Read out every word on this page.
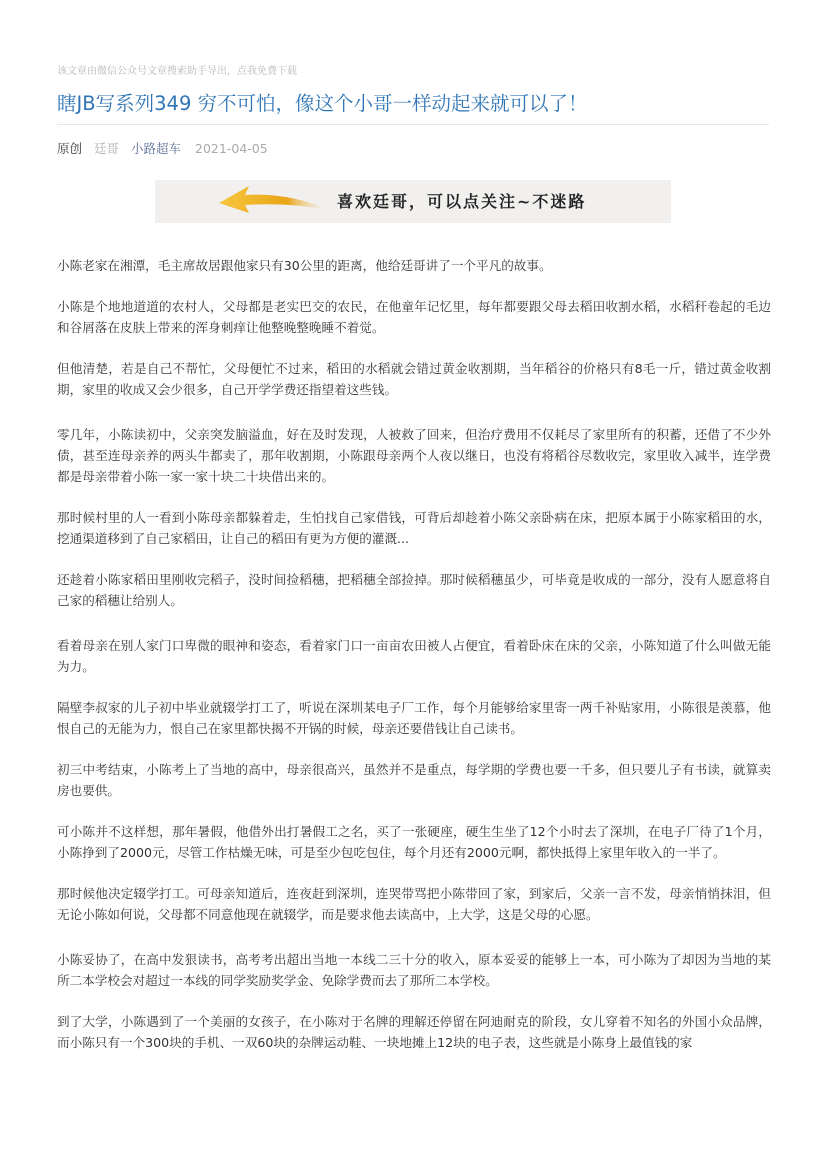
该文章由微信公众号文章搜索助手导出，点我免费下载
瞎JB写系列349 穷不可怕，像这个小哥一样动起来就可以了！
原创 廷哥 小路超车 2021-04-05
喜欢廷哥，可以点关注~不迷路

小陈老家在湘潭，毛主席故居跟他家只有30公里的距离，他给廷哥讲了一个平凡的故事。

小陈是个地地道道的农村人，父母都是老实巴交的农民，在他童年记忆里，每年都要跟父母去稻田收割水稻，水稻秆卷起的毛边和谷屑落在皮肤上带来的浑身刺痒让他整晚整晚睡不着觉。

但他清楚，若是自己不帮忙，父母便忙不过来，稻田的水稻就会错过黄金收割期，当年稻谷的价格只有8毛一斤，错过黄金收割期，家里的收成又会少很多，自己开学学费还指望着这些钱。

零几年，小陈读初中，父亲突发脑溢血，好在及时发现，人被救了回来，但治疗费用不仅耗尽了家里所有的积蓄，还借了不少外债，甚至连母亲养的两头牛都卖了，那年收割期，小陈跟母亲两个人夜以继日，也没有将稻谷尽数收完，家里收入减半，连学费都是母亲带着小陈一家一家十块二十块借出来的。

那时候村里的人一看到小陈母亲都躲着走，生怕找自己家借钱，可背后却趁着小陈父亲卧病在床，把原本属于小陈家稻田的水，挖通渠道移到了自己家稻田，让自己的稻田有更为方便的灌溉...

还趁着小陈家稻田里刚收完稻子，没时间捡稻穗，把稻穗全部捡掉。那时候稻穗虽少，可毕竟是收成的一部分，没有人愿意将自己家的稻穗让给别人。

看着母亲在别人家门口卑微的眼神和姿态，看着家门口一亩亩农田被人占便宜，看着卧床在床的父亲，小陈知道了什么叫做无能为力。

隔壁李叔家的儿子初中毕业就辍学打工了，听说在深圳某电子厂工作，每个月能够给家里寄一两千补贴家用，小陈很是羡慕，他恨自己的无能为力，恨自己在家里都快揭不开锅的时候，母亲还要借钱让自己读书。

初三中考结束，小陈考上了当地的高中，母亲很高兴，虽然并不是重点，每学期的学费也要一千多，但只要儿子有书读，就算卖房也要供。

可小陈并不这样想，那年暑假，他借外出打暑假工之名，买了一张硬座，硬生生坐了12个小时去了深圳，在电子厂待了1个月，小陈挣到了2000元，尽管工作枯燥无味，可是至少包吃包住，每个月还有2000元啊，都快抵得上家里年收入的一半了。

那时候他决定辍学打工。可母亲知道后，连夜赶到深圳，连哭带骂把小陈带回了家，到家后，父亲一言不发，母亲悄悄抹泪，但无论小陈如何说，父母都不同意他现在就辍学，而是要求他去读高中，上大学，这是父母的心愿。

小陈妥协了，在高中发狠读书，高考考出超出当地一本线二三十分的收入，原本妥妥的能够上一本，可小陈为了却因为当地的某所二本学校会对超过一本线的同学奖励奖学金、免除学费而去了那所二本学校。

到了大学，小陈遇到了一个美丽的女孩子，在小陈对于名牌的理解还停留在阿迪耐克的阶段，女儿穿着不知名的外国小众品牌，而小陈只有一个300块的手机、一双60块的杂牌运动鞋、一块地摊上12块的电子表，这些就是小陈身上最值钱的家
